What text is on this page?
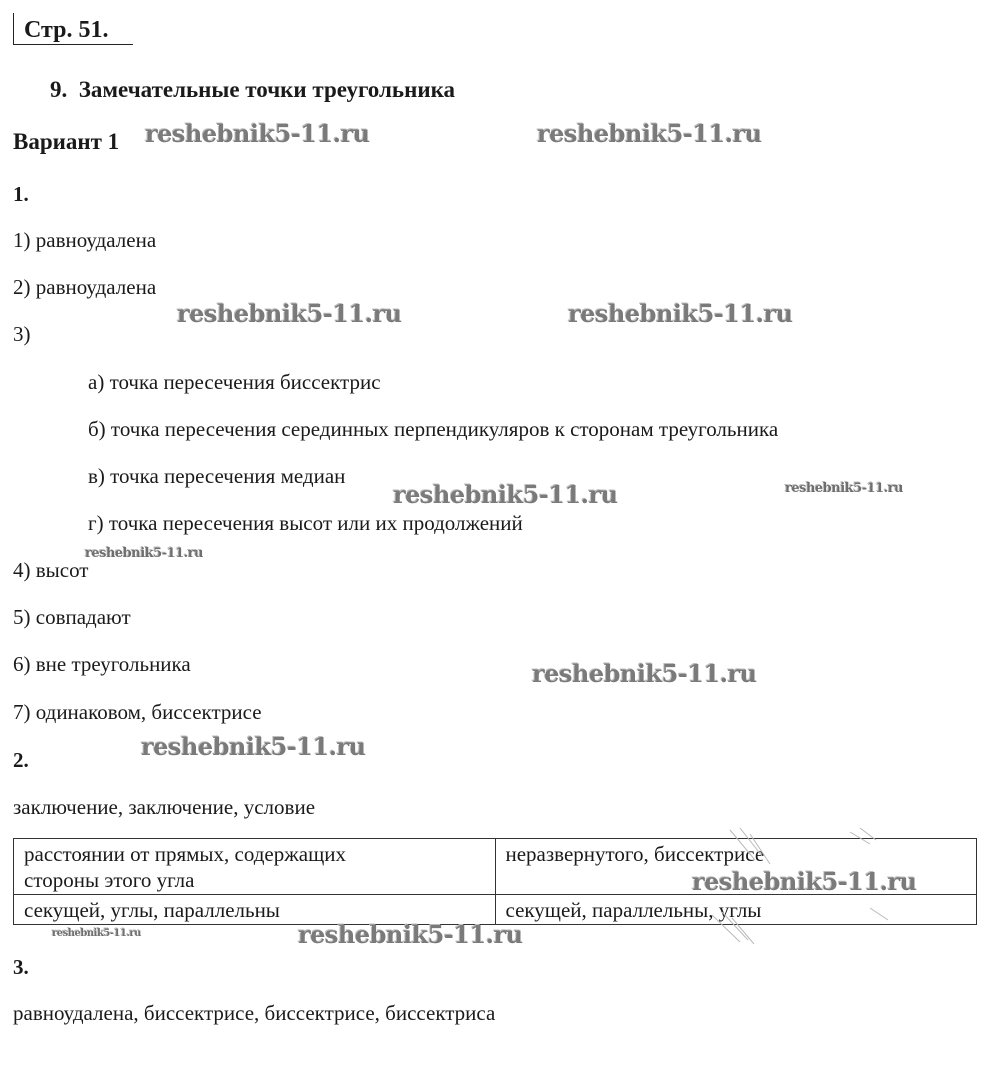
Стр. 51.
9.  Замечательные точки треугольника
Вариант 1
1.
1) равноудалена
2) равноудалена
3)
а) точка пересечения биссектрис
б) точка пересечения серединных перпендикуляров к сторонам треугольника
в) точка пересечения медиан
г) точка пересечения высот или их продолжений
4) высот
5) совпадают
6) вне треугольника
7) одинаковом, биссектрисе
2.
заключение, заключение, условие
расстоянии от прямых, содержащих стороны этого угла	неразвернутого, биссектрисе
секущей, углы, параллельны	секущей, параллельны, углы
3.
равноудалена, биссектрисе, биссектрисе, биссектриса
reshebnik5-11.ru	reshebnik5-11.ru
reshebnik5-11.ru	reshebnik5-11.ru
reshebnik5-11.ru	reshebnik5-11.ru
reshebnik5-11.ru
reshebnik5-11.ru
reshebnik5-11.ru
reshebnik5-11.ru
reshebnik5-11.ru	reshebnik5-11.ru
